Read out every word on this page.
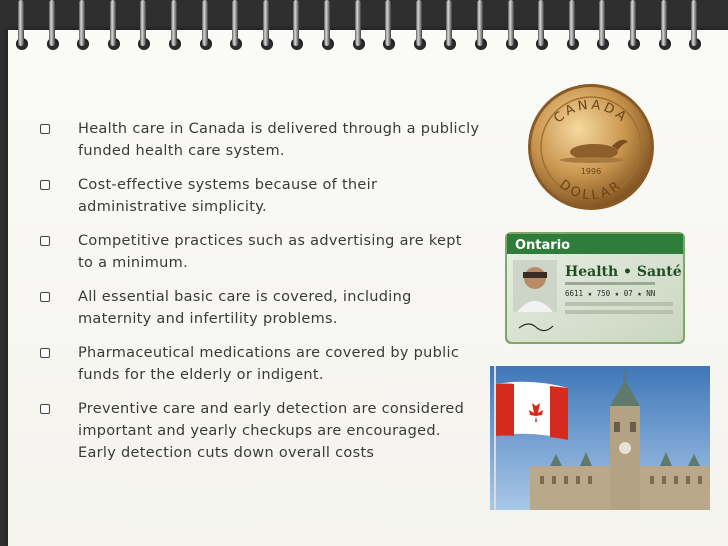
Health care in Canada is delivered through a publicly funded health care system.
Cost-effective systems because of their administrative simplicity.
Competitive practices such as advertising are kept to a minimum.
All essential basic care is covered, including maternity and infertility problems.
Pharmaceutical medications are covered by public funds for the elderly or indigent.
Preventive care and early detection are considered important and yearly checkups are encouraged. Early detection cuts down overall costs
CANADA
1996
DOLLAR
Ontario
Health • Santé
6611 ★ 750 ★ 07 ★ NN
